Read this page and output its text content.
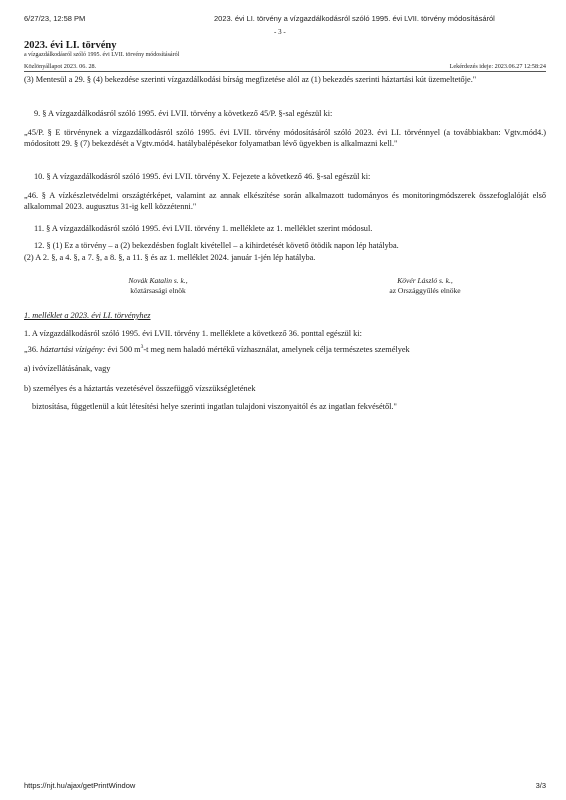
6/27/23, 12:58 PM	2023. évi LI. törvény a vízgazdálkodásról szóló 1995. évi LVII. törvény módosításáról
- 3 -
2023. évi LI. törvény
a vízgazdálkodásról szóló 1995. évi LVII. törvény módosításáról
Közlönyállapot 2023. 06. 28.	Lekérdezés ideje: 2023.06.27 12:58:24

(3) Mentesül a 29. § (4) bekezdése szerinti vízgazdálkodási bírság megfizetése alól az (1) bekezdés szerinti háztartási kút üzemeltetője."

9. § A vízgazdálkodásról szóló 1995. évi LVII. törvény a következő 45/P. §-sal egészül ki:

„45/P. § E törvénynek a vízgazdálkodásról szóló 1995. évi LVII. törvény módosításáról szóló 2023. évi LI. törvénnyel (a továbbiakban: Vgtv.mód4.) módosított 29. § (7) bekezdését a Vgtv.mód4. hatálybalépésekor folyamatban lévő ügyekben is alkalmazni kell."

10. § A vízgazdálkodásról szóló 1995. évi LVII. törvény X. Fejezete a következő 46. §-sal egészül ki:

„46. § A vízkészletvédelmi országtérképet, valamint az annak elkészítése során alkalmazott tudományos és monitoringmódszerek összefoglalóját első alkalommal 2023. augusztus 31-ig kell közzétenni."

11. § A vízgazdálkodásról szóló 1995. évi LVII. törvény 1. melléklete az 1. melléklet szerint módosul.

12. § (1) Ez a törvény – a (2) bekezdésben foglalt kivétellel – a kihirdetését követő ötödik napon lép hatályba.

(2) A 2. §, a 4. §, a 7. §, a 8. §, a 11. § és az 1. melléklet 2024. január 1-jén lép hatályba.

Novák Katalin s. k.,
köztársasági elnök
Kövér László s. k.,
az Országgyűlés elnöke

1. melléklet a 2023. évi LI. törvényhez

1. A vízgazdálkodásról szóló 1995. évi LVII. törvény 1. melléklete a következő 36. ponttal egészül ki:

„36. háztartási vízigény: évi 500 $m^3-t$ meg nem haladó mértékű vízhasználat, amelynek célja természetes személyek

a) ivóvízellátásának, vagy

b) személyes és a háztartás vezetésével összefüggő vízszükségletének

biztosítása, függetlenül a kút létesítési helye szerinti ingatlan tulajdoni viszonyaitól és az ingatlan fekvésétől."

https://njt.hu/ajax/getPrintWindow	3/3
